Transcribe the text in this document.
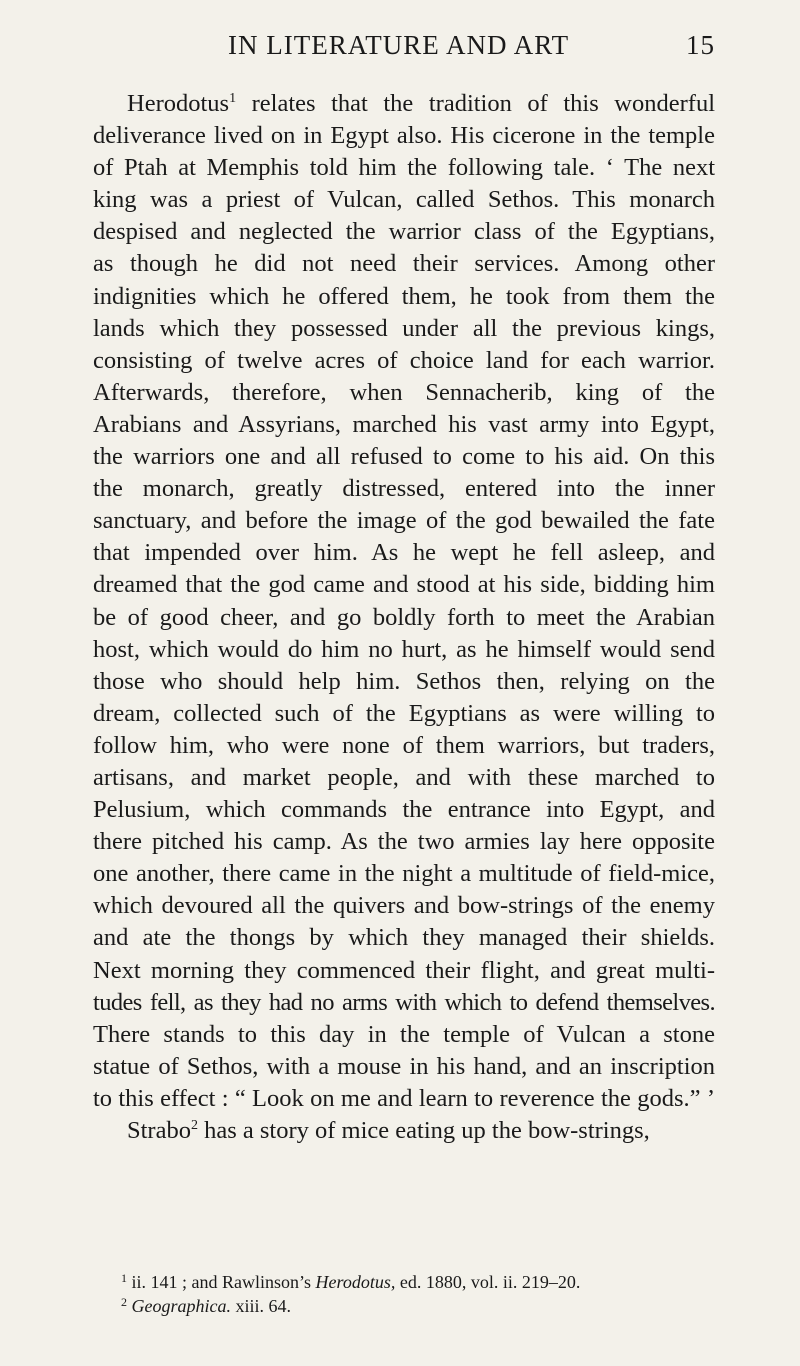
IN LITERATURE AND ART	15
Herodotus$^1$ relates that the tradition of this wonderful
deliverance lived on in Egypt also. His cicerone in the temple
of Ptah at Memphis told him the following tale. ‘ The next
king was a priest of Vulcan, called Sethos. This monarch
despised and neglected the warrior class of the Egyptians,
as though he did not need their services. Among other
indignities which he offered them, he took from them the
lands which they possessed under all the previous kings,
consisting of twelve acres of choice land for each warrior.
Afterwards, therefore, when Sennacherib, king of the
Arabians and Assyrians, marched his vast army into Egypt,
the warriors one and all refused to come to his aid. On this
the monarch, greatly distressed, entered into the inner
sanctuary, and before the image of the god bewailed the fate
that impended over him. As he wept he fell asleep, and
dreamed that the god came and stood at his side, bidding him
be of good cheer, and go boldly forth to meet the Arabian
host, which would do him no hurt, as he himself would send
those who should help him. Sethos then, relying on the
dream, collected such of the Egyptians as were willing to
follow him, who were none of them warriors, but traders,
artisans, and market people, and with these marched to
Pelusium, which commands the entrance into Egypt, and
there pitched his camp. As the two armies lay here opposite
one another, there came in the night a multitude of field-mice,
which devoured all the quivers and bow-strings of the enemy
and ate the thongs by which they managed their shields.
Next morning they commenced their flight, and great multi-
tudes fell, as they had no arms with which to defend themselves.
There stands to this day in the temple of Vulcan a stone
statue of Sethos, with a mouse in his hand, and an inscription
to this effect : “ Look on me and learn to reverence the gods.” ’
Strabo$^2$ has a story of mice eating up the bow-strings,
$^1$ ii. 141 ; and Rawlinson’s Herodotus, ed. 1880, vol. ii. 219–20.
$^2$ Geographica. xiii. 64.
